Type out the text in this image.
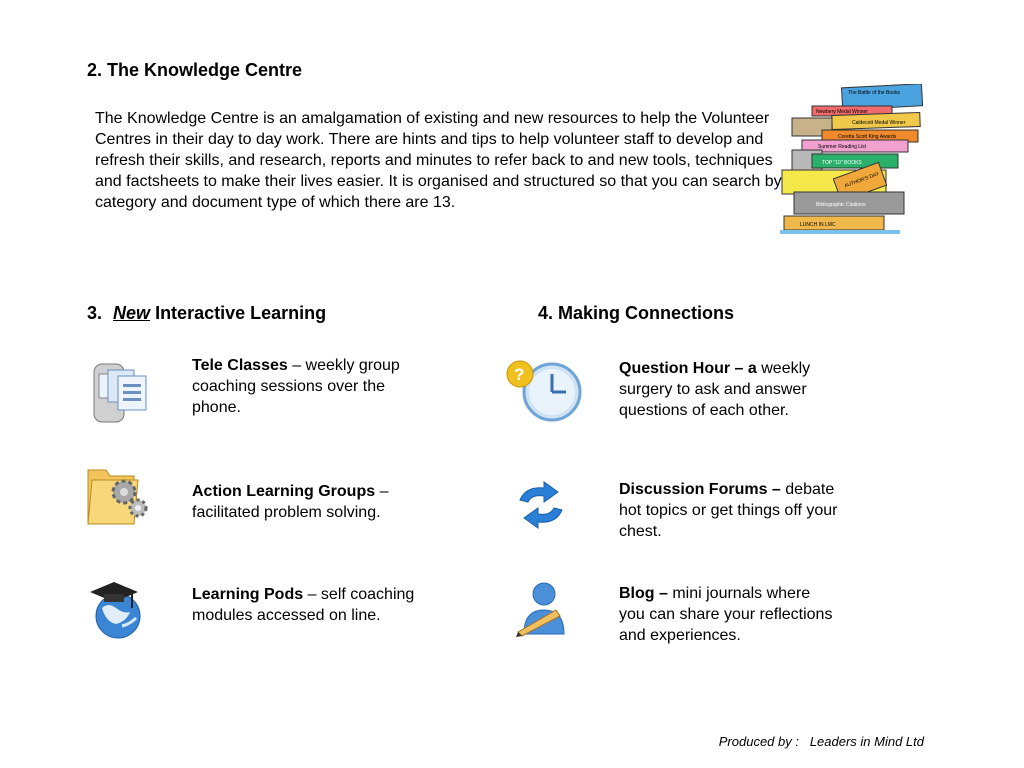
2. The Knowledge Centre
The Knowledge Centre is an amalgamation of existing and new resources to help the Volunteer Centres in their day to day work. There are hints and tips to help volunteer staff to develop and refresh their skills, and research, reports and minutes to refer back to and new tools, techniques and factsheets to make their lives easier. It is organised and structured so that you can search by category and document type of which there are 13.
The Battle of the Books
Newbery Medal Winner
Caldecott Medal Winner
Coretta Scott King Awards
Summer Reading List
TOP "10" BOOKS
AUTHOR'S DAY
Bibliographic Citations
LUNCH IN LMC
3. New Interactive Learning	4. Making Connections
Tele Classes – weekly group coaching sessions over the phone.
Action Learning Groups – facilitated problem solving.
Learning Pods – self coaching modules accessed on line.
?	Question Hour – a weekly surgery to ask and answer questions of each other.
Discussion Forums – debate hot topics or get things off your chest.
Blog – mini journals where you can share your reflections and experiences.
Produced by :   Leaders in Mind Ltd
